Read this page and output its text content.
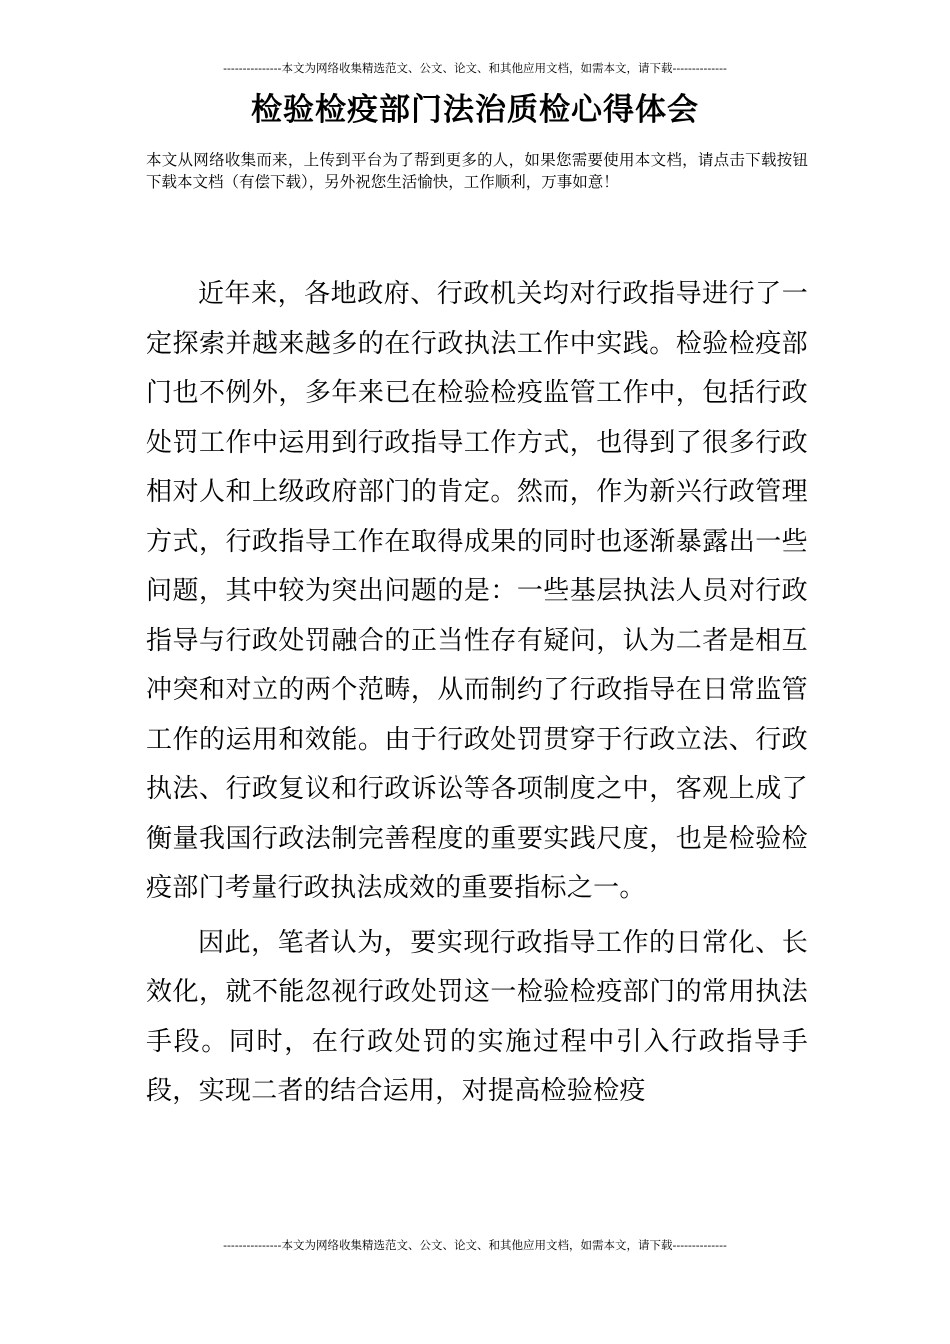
---------------本文为网络收集精选范文、公文、论文、和其他应用文档，如需本文，请下载--------------
检验检疫部门法治质检心得体会

本文从网络收集而来，上传到平台为了帮到更多的人，如果您需要使用本文档，请点击下载按钮下载本文档（有偿下载），另外祝您生活愉快，工作顺利，万事如意！

近年来，各地政府、行政机关均对行政指导进行了一定探索并越来越多的在行政执法工作中实践。检验检疫部门也不例外，多年来已在检验检疫监管工作中，包括行政处罚工作中运用到行政指导工作方式，也得到了很多行政相对人和上级政府部门的肯定。然而，作为新兴行政管理方式，行政指导工作在取得成果的同时也逐渐暴露出一些问题，其中较为突出问题的是：一些基层执法人员对行政指导与行政处罚融合的正当性存有疑问，认为二者是相互冲突和对立的两个范畴，从而制约了行政指导在日常监管工作的运用和效能。由于行政处罚贯穿于行政立法、行政执法、行政复议和行政诉讼等各项制度之中，客观上成了衡量我国行政法制完善程度的重要实践尺度，也是检验检疫部门考量行政执法成效的重要指标之一。

因此，笔者认为，要实现行政指导工作的日常化、长效化，就不能忽视行政处罚这一检验检疫部门的常用执法手段。同时，在行政处罚的实施过程中引入行政指导手段，实现二者的结合运用，对提高检验检疫

---------------本文为网络收集精选范文、公文、论文、和其他应用文档，如需本文，请下载--------------
